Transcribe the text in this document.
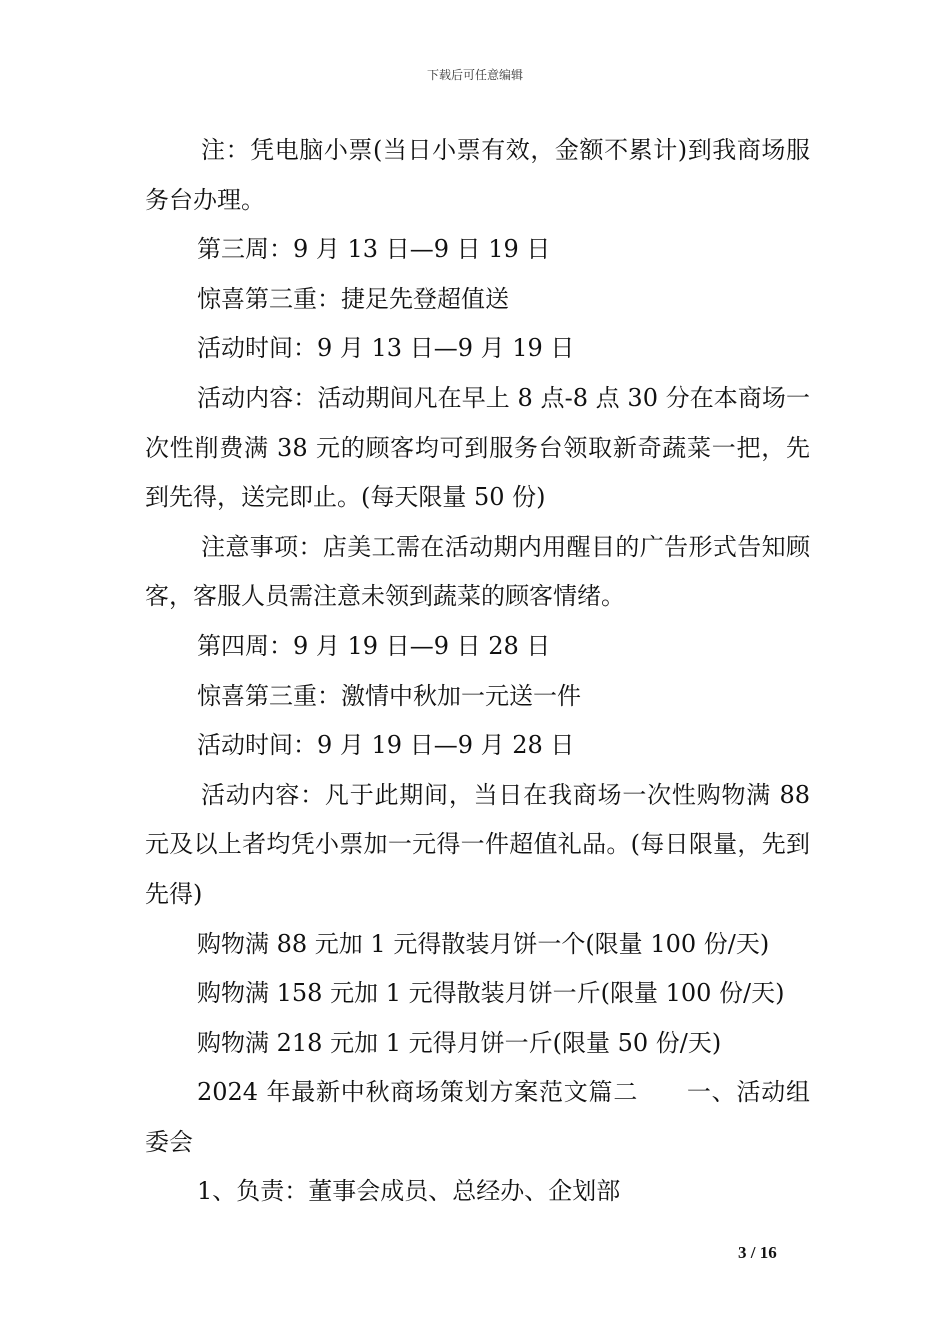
下载后可任意编辑

注：凭电脑小票(当日小票有效，金额不累计)到我商场服务台办理。

第三周：9 月 13 日—9 日 19 日

惊喜第三重：捷足先登超值送

活动时间：9 月 13 日—9 月 19 日

活动内容：活动期间凡在早上 8 点-8 点 30 分在本商场一次性削费满 38 元的顾客均可到服务台领取新奇蔬菜一把，先到先得，送完即止。(每天限量 50 份)

注意事项：店美工需在活动期内用醒目的广告形式告知顾客，客服人员需注意未领到蔬菜的顾客情绪。

第四周：9 月 19 日—9 日 28 日

惊喜第三重：激情中秋加一元送一件

活动时间：9 月 19 日—9 月 28 日

活动内容：凡于此期间，当日在我商场一次性购物满 88 元及以上者均凭小票加一元得一件超值礼品。(每日限量，先到先得)

购物满 88 元加 1 元得散装月饼一个(限量 100 份/天)

购物满 158 元加 1 元得散装月饼一斤(限量 100 份/天)

购物满 218 元加 1 元得月饼一斤(限量 50 份/天)

2024 年最新中秋商场策划方案范文篇二 一、活动组委会

1、负责：董事会成员、总经办、企划部

3 / 16
